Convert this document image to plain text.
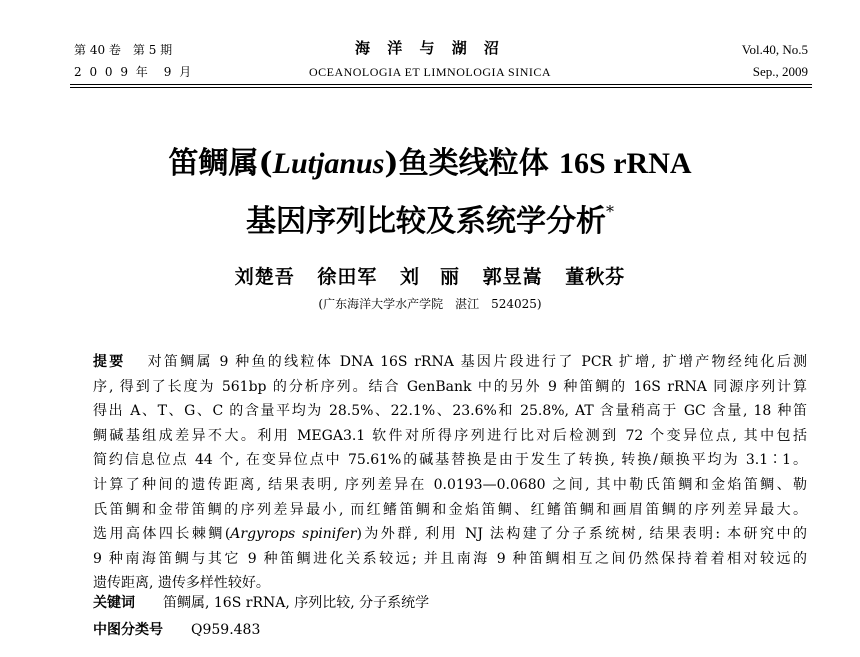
第 40 卷　第 5 期
2 0 0 9 年　9 月
海 洋 与 湖 沼
OCEANOLOGIA ET LIMNOLOGIA SINICA
Vol.40, No.5
Sep., 2009
笛鲷属(Lutjanus)鱼类线粒体 16S rRNA
基因序列比较及系统学分析*
刘楚吾 徐田军 刘　丽 郭昱嵩 董秋芬
(广东海洋大学水产学院　湛江　524025)
提要 对笛鲷属 9 种鱼的线粒体 DNA 16S rRNA 基因片段进行了 PCR 扩增, 扩增产物经纯化后测
序, 得到了长度为 561bp 的分析序列。结合 GenBank 中的另外 9 种笛鲷的 16S rRNA 同源序列计算
得出 A、T、G、C 的含量平均为 28.5%、22.1%、23.6%和 25.8%, AT 含量稍高于 GC 含量, 18 种笛
鲷碱基组成差异不大。利用 MEGA3.1 软件对所得序列进行比对后检测到 72 个变异位点, 其中包括
简约信息位点 44 个, 在变异位点中 75.61%的碱基替换是由于发生了转换, 转换/颠换平均为 3.1∶1。
计算了种间的遗传距离, 结果表明, 序列差异在 0.0193—0.0680 之间, 其中勒氏笛鲷和金焰笛鲷、勒
氏笛鲷和金带笛鲷的序列差异最小, 而红鳍笛鲷和金焰笛鲷、红鳍笛鲷和画眉笛鲷的序列差异最大。
选用高体四长棘鲷(Argyrops spinifer)为外群, 利用 NJ 法构建了分子系统树, 结果表明: 本研究中的
9 种南海笛鲷与其它 9 种笛鲷进化关系较远; 并且南海 9 种笛鲷相互之间仍然保持着着相对较远的
遗传距离, 遗传多样性较好。
关键词 笛鲷属, 16S rRNA, 序列比较, 分子系统学
中图分类号 Q959.483
